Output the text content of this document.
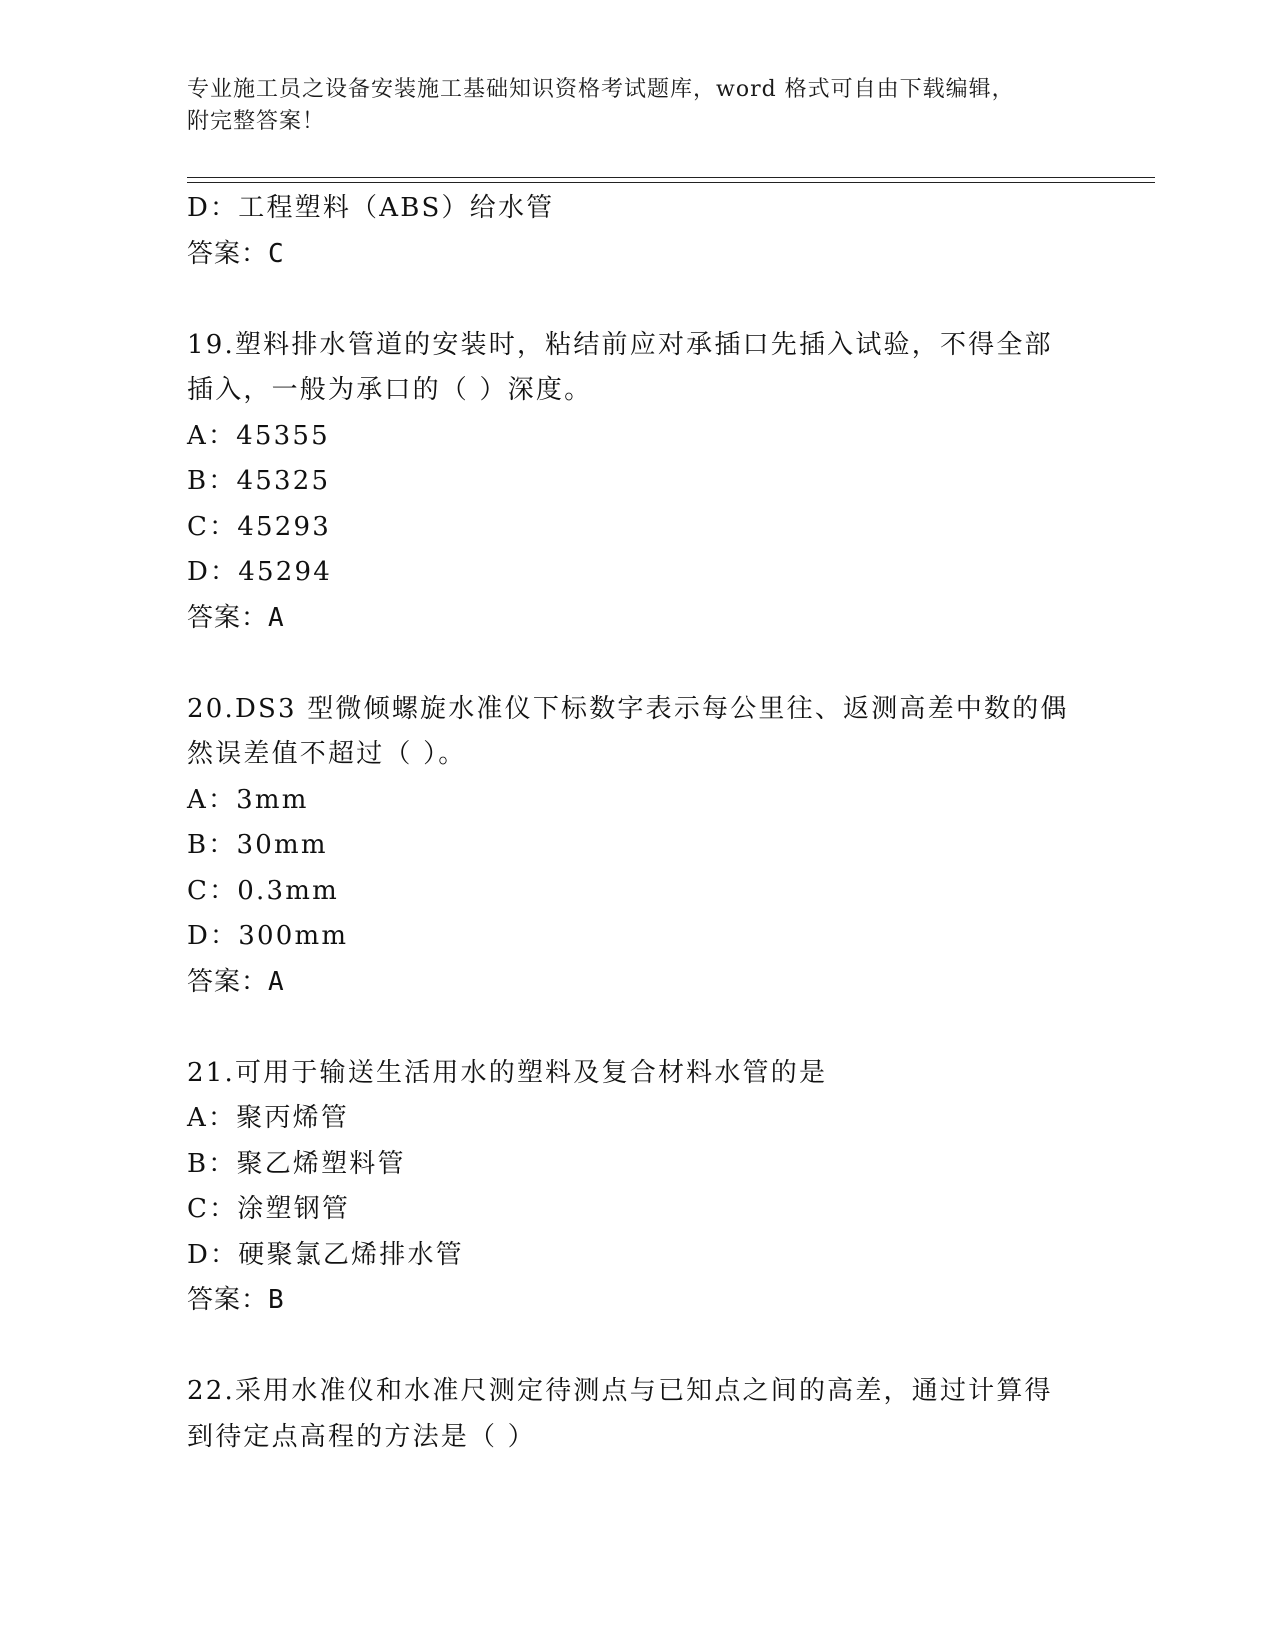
专业施工员之设备安装施工基础知识资格考试题库，word 格式可自由下载编辑，
附完整答案！
D：工程塑料（ABS）给水管
答案：C
19.塑料排水管道的安装时，粘结前应对承插口先插入试验，不得全部
插入，一般为承口的（ ）深度。
A：45355
B：45325
C：45293
D：45294
答案：A
20.DS3 型微倾螺旋水准仪下标数字表示每公里往、返测高差中数的偶
然误差值不超过（ ）。
A：3mm
B：30mm
C：0.3mm
D：300mm
答案：A
21.可用于输送生活用水的塑料及复合材料水管的是
A：聚丙烯管
B：聚乙烯塑料管
C：涂塑钢管
D：硬聚氯乙烯排水管
答案：B
22.采用水准仪和水准尺测定待测点与已知点之间的高差，通过计算得
到待定点高程的方法是（ ）
